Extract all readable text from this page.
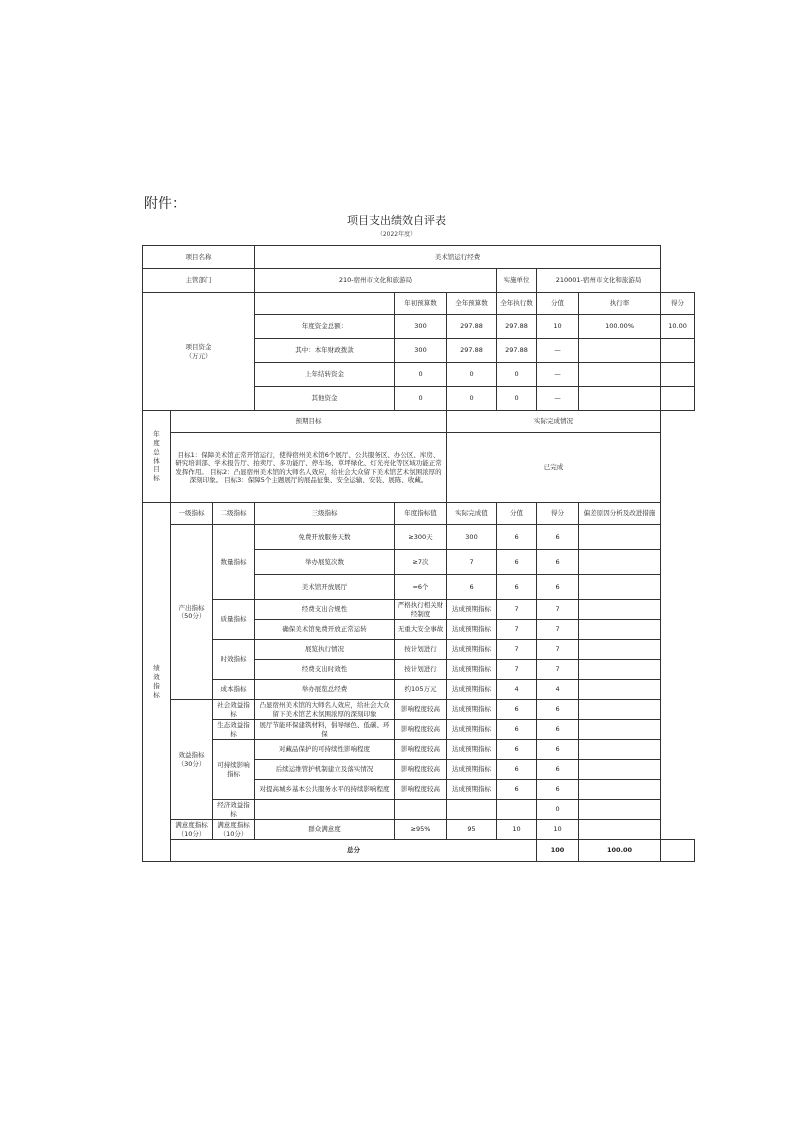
附件：
项目支出绩效自评表
（2022年度）
项目名称			美术馆运行经费						
主管部门			210-宿州市文化和旅游局			实施单位	210001-宿州市文化和旅游局		
项目资金
（万元）				年初预算数	全年预算数	全年执行数	分值	执行率	得分
			年度资金总额：	300	297.88	297.88	10	100.00%	10.00
			其中：本年财政拨款	300	297.88	297.88	—		
			上年结转资金	0	0	0	—		
			其他资金	0	0	0	—		
年度总体目标	预期目标				实际完成情况				
	目标1：保障美术馆正常开馆运行，使得宿州美术馆6个展厅、公共服务区、办公区、库房、研究培训部、学术报告厅、拍卖厅、多功能厅、停车场、草坪绿化、灯光亮化等区域功能正常发挥作用。 目标2：凸显宿州美术馆的大师名人效应，给社会大众留下美术馆艺术氛围浓厚的深刻印象。 目标3：保障5个主题展厅的展品征集、安全运输、安装、展陈、收藏。				已完成				
绩效指标	一级指标	二级指标	三级指标	年度指标值	实际完成值	分值	得分	偏差原因分析及改进措施	
	产出指标
（50分）	数量指标	免费开放服务天数	≥300天	300	6	6		
			举办展览次数	≥7次	7	6	6		
			美术馆开放展厅	=6个	6	6	6		
		质量指标	经费支出合规性	严格执行相关财经制度	达成预期指标	7	7		
			确保美术馆免费开放正常运转	无重大安全事故	达成预期指标	7	7		
		时效指标	展览执行情况	按计划进行	达成预期指标	7	7		
			经费支出时效性	按计划进行	达成预期指标	7	7		
		成本指标	举办展览总经费	约105万元	达成预期指标	4	4		
	效益指标
（30分）	社会效益指标	凸显宿州美术馆的大师名人效应，给社会大众留下美术馆艺术氛围浓厚的深刻印象	影响程度较高	达成预期指标	6	6		
		生态效益指标	展厅节能环保建筑材料，倡导绿色、低碳、环保	影响程度较高	达成预期指标	6	6		
		可持续影响指标	对藏品保护的可持续性影响程度	影响程度较高	达成预期指标	6	6		
			后续运维管护机制建立及落实情况	影响程度较高	达成预期指标	6	6		
			对提高城乡基本公共服务水平的持续影响程度	影响程度较高	达成预期指标	6	6		
		经济效益指标					0		
	满意度指标（10分）	满意度指标（10分）	群众满意度	≥95%	95	10	10		
	总分						100	100.00	
